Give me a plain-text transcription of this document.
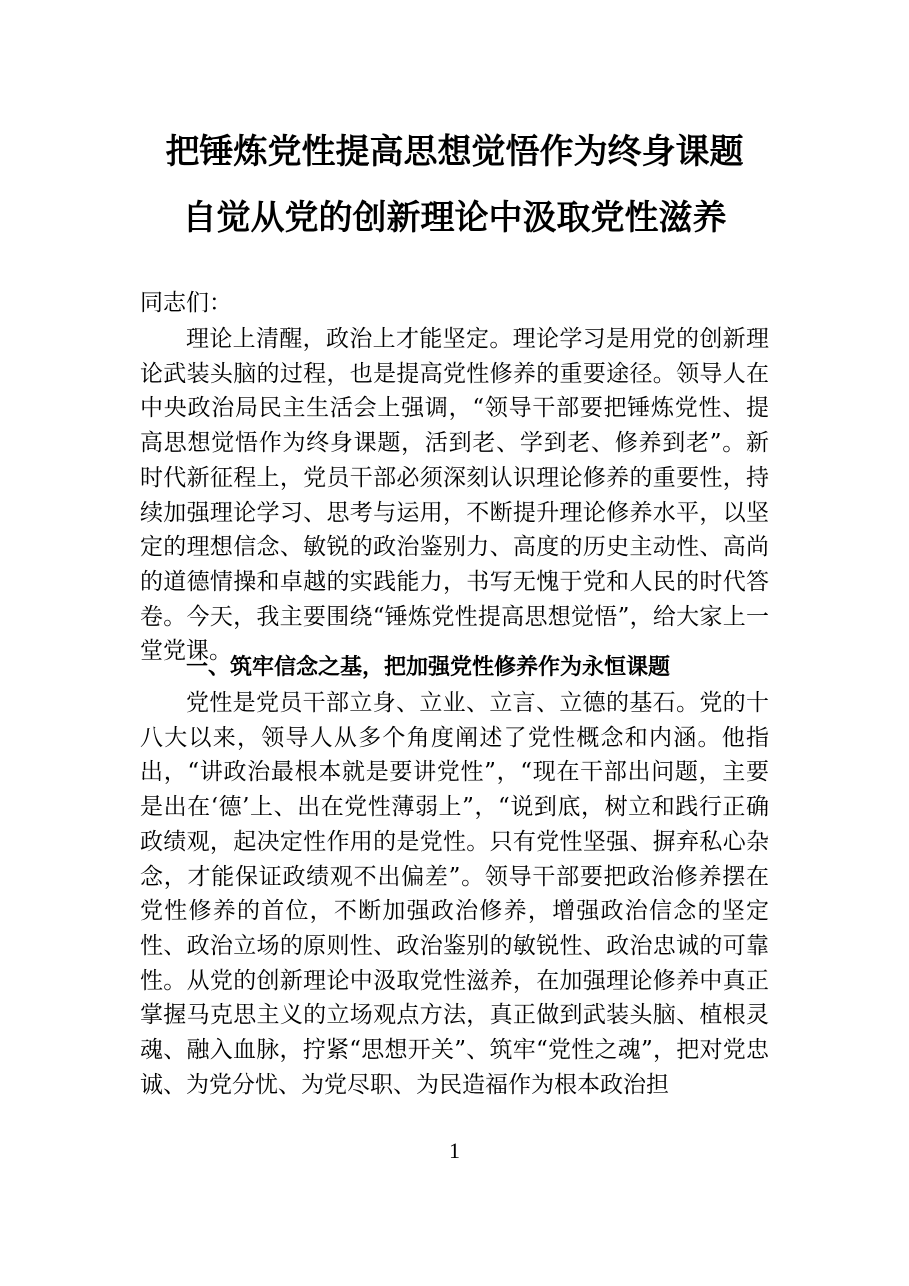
把锤炼党性提高思想觉悟作为终身课题
自觉从党的创新理论中汲取党性滋养

同志们：

理论上清醒，政治上才能坚定。理论学习是用党的创新理论武装头脑的过程，也是提高党性修养的重要途径。领导人在中央政治局民主生活会上强调，“领导干部要把锤炼党性、提高思想觉悟作为终身课题，活到老、学到老、修养到老”。新时代新征程上，党员干部必须深刻认识理论修养的重要性，持续加强理论学习、思考与运用，不断提升理论修养水平，以坚定的理想信念、敏锐的政治鉴别力、高度的历史主动性、高尚的道德情操和卓越的实践能力，书写无愧于党和人民的时代答卷。今天，我主要围绕“锤炼党性提高思想觉悟”，给大家上一堂党课。

一、筑牢信念之基，把加强党性修养作为永恒课题

党性是党员干部立身、立业、立言、立德的基石。党的十八大以来，领导人从多个角度阐述了党性概念和内涵。他指出，“讲政治最根本就是要讲党性”，“现在干部出问题，主要是出在‘德’上、出在党性薄弱上”，“说到底，树立和践行正确政绩观，起决定性作用的是党性。只有党性坚强、摒弃私心杂念，才能保证政绩观不出偏差”。领导干部要把政治修养摆在党性修养的首位，不断加强政治修养，增强政治信念的坚定性、政治立场的原则性、政治鉴别的敏锐性、政治忠诚的可靠性。从党的创新理论中汲取党性滋养，在加强理论修养中真正掌握马克思主义的立场观点方法，真正做到武装头脑、植根灵魂、融入血脉，拧紧“思想开关”、筑牢“党性之魂”，把对党忠诚、为党分忧、为党尽职、为民造福作为根本政治担

1
